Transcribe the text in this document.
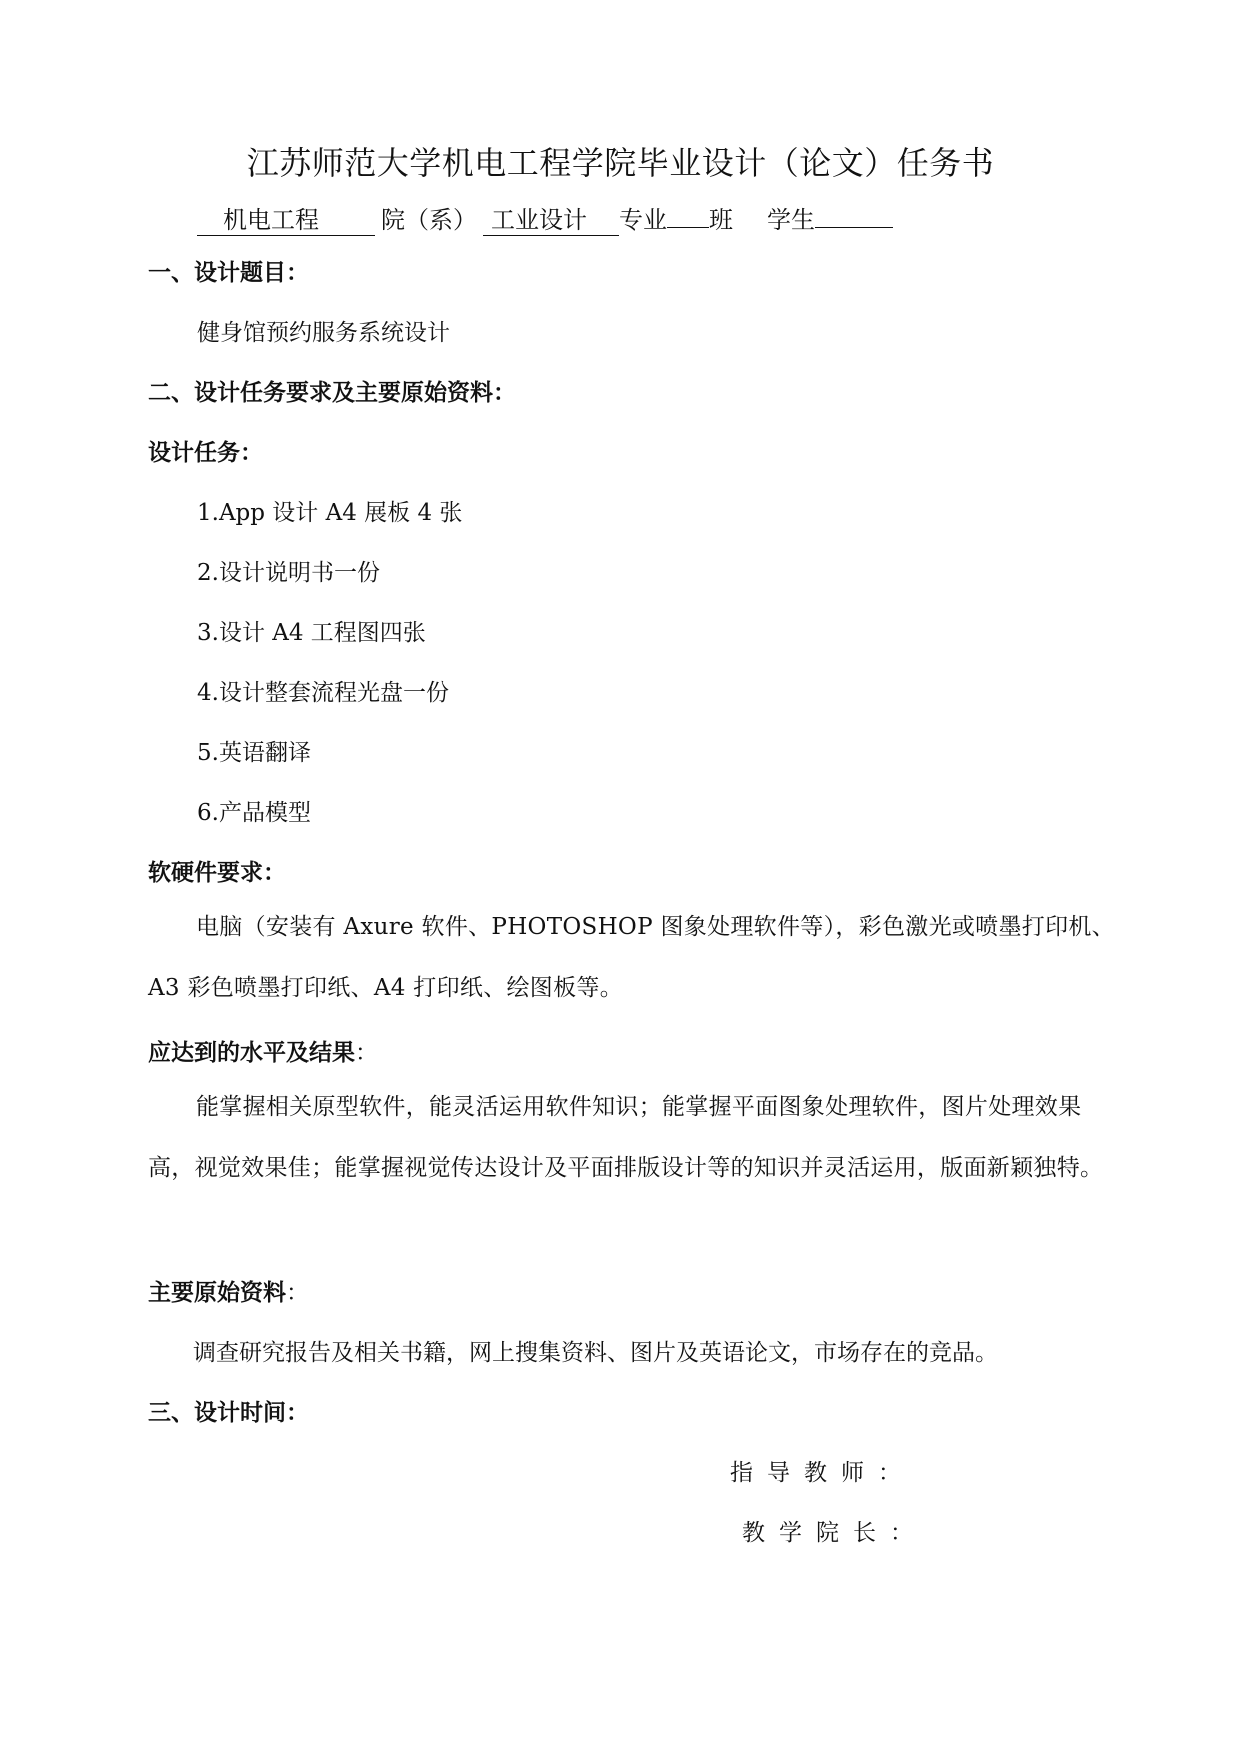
江苏师范大学机电工程学院毕业设计（论文）任务书
机电工程	院（系） 工业设计 专业 班 学生
一、设计题目：
健身馆预约服务系统设计
二、设计任务要求及主要原始资料：
设计任务：
1.App 设计 A4 展板 4 张
2.设计说明书一份
3.设计 A4 工程图四张
4.设计整套流程光盘一份
5.英语翻译
6.产品模型
软硬件要求：
电脑（安装有 Axure 软件、PHOTOSHOP 图象处理软件等），彩色激光或喷墨打印机、A3 彩色喷墨打印纸、A4 打印纸、绘图板等。
应达到的水平及结果：
能掌握相关原型软件，能灵活运用软件知识；能掌握平面图象处理软件，图片处理效果高，视觉效果佳；能掌握视觉传达设计及平面排版设计等的知识并灵活运用，版面新颖独特。
主要原始资料：
调查研究报告及相关书籍，网上搜集资料、图片及英语论文，市场存在的竞品。
三、设计时间：
指导教师：
教学院长：
